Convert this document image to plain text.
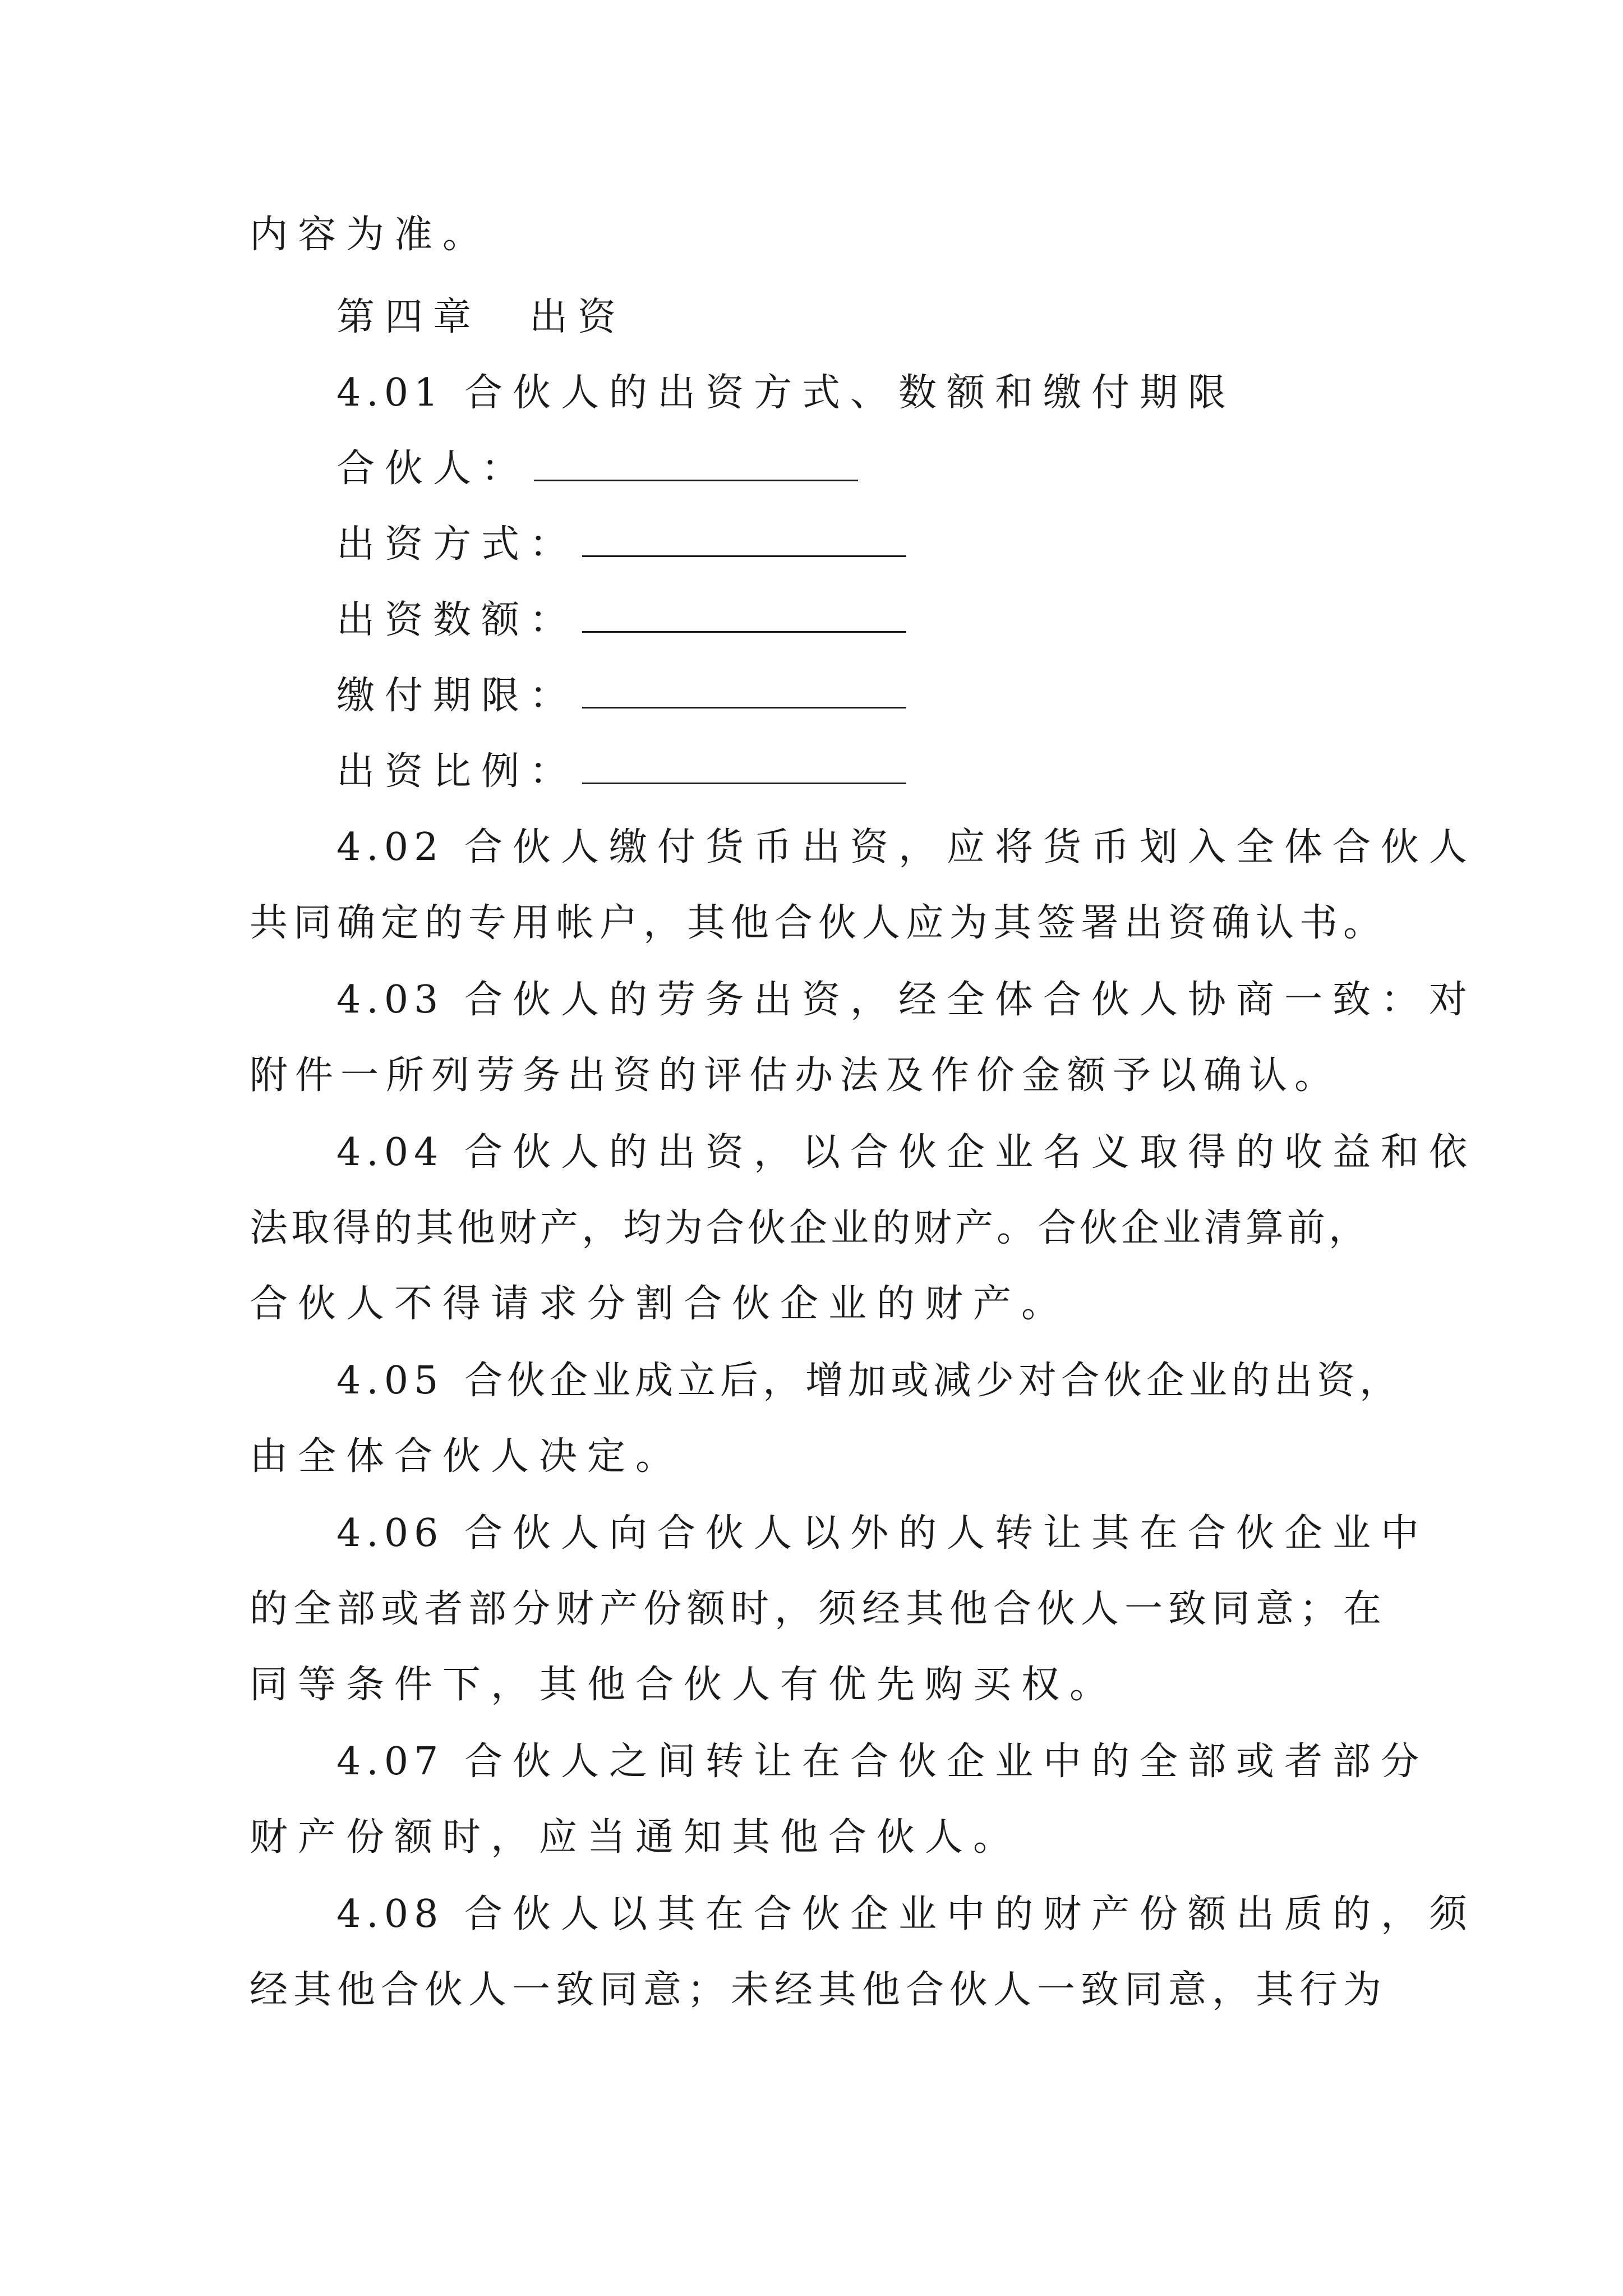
内容为准。
第四章　出资
4.01 合伙人的出资方式、数额和缴付期限
合伙人：
出资方式：
出资数额：
缴付期限：
出资比例：
4.02 合伙人缴付货币出资，应将货币划入全体合伙人
共同确定的专用帐户，其他合伙人应为其签署出资确认书。
4.03 合伙人的劳务出资，经全体合伙人协商一致：对
附件一所列劳务出资的评估办法及作价金额予以确认。
4.04 合伙人的出资，以合伙企业名义取得的收益和依
法取得的其他财产，均为合伙企业的财产。合伙企业清算前，
合伙人不得请求分割合伙企业的财产。
4.05 合伙企业成立后，增加或减少对合伙企业的出资，
由全体合伙人决定。
4.06 合伙人向合伙人以外的人转让其在合伙企业中
的全部或者部分财产份额时，须经其他合伙人一致同意；在
同等条件下，其他合伙人有优先购买权。
4.07 合伙人之间转让在合伙企业中的全部或者部分
财产份额时，应当通知其他合伙人。
4.08 合伙人以其在合伙企业中的财产份额出质的，须
经其他合伙人一致同意；未经其他合伙人一致同意，其行为
